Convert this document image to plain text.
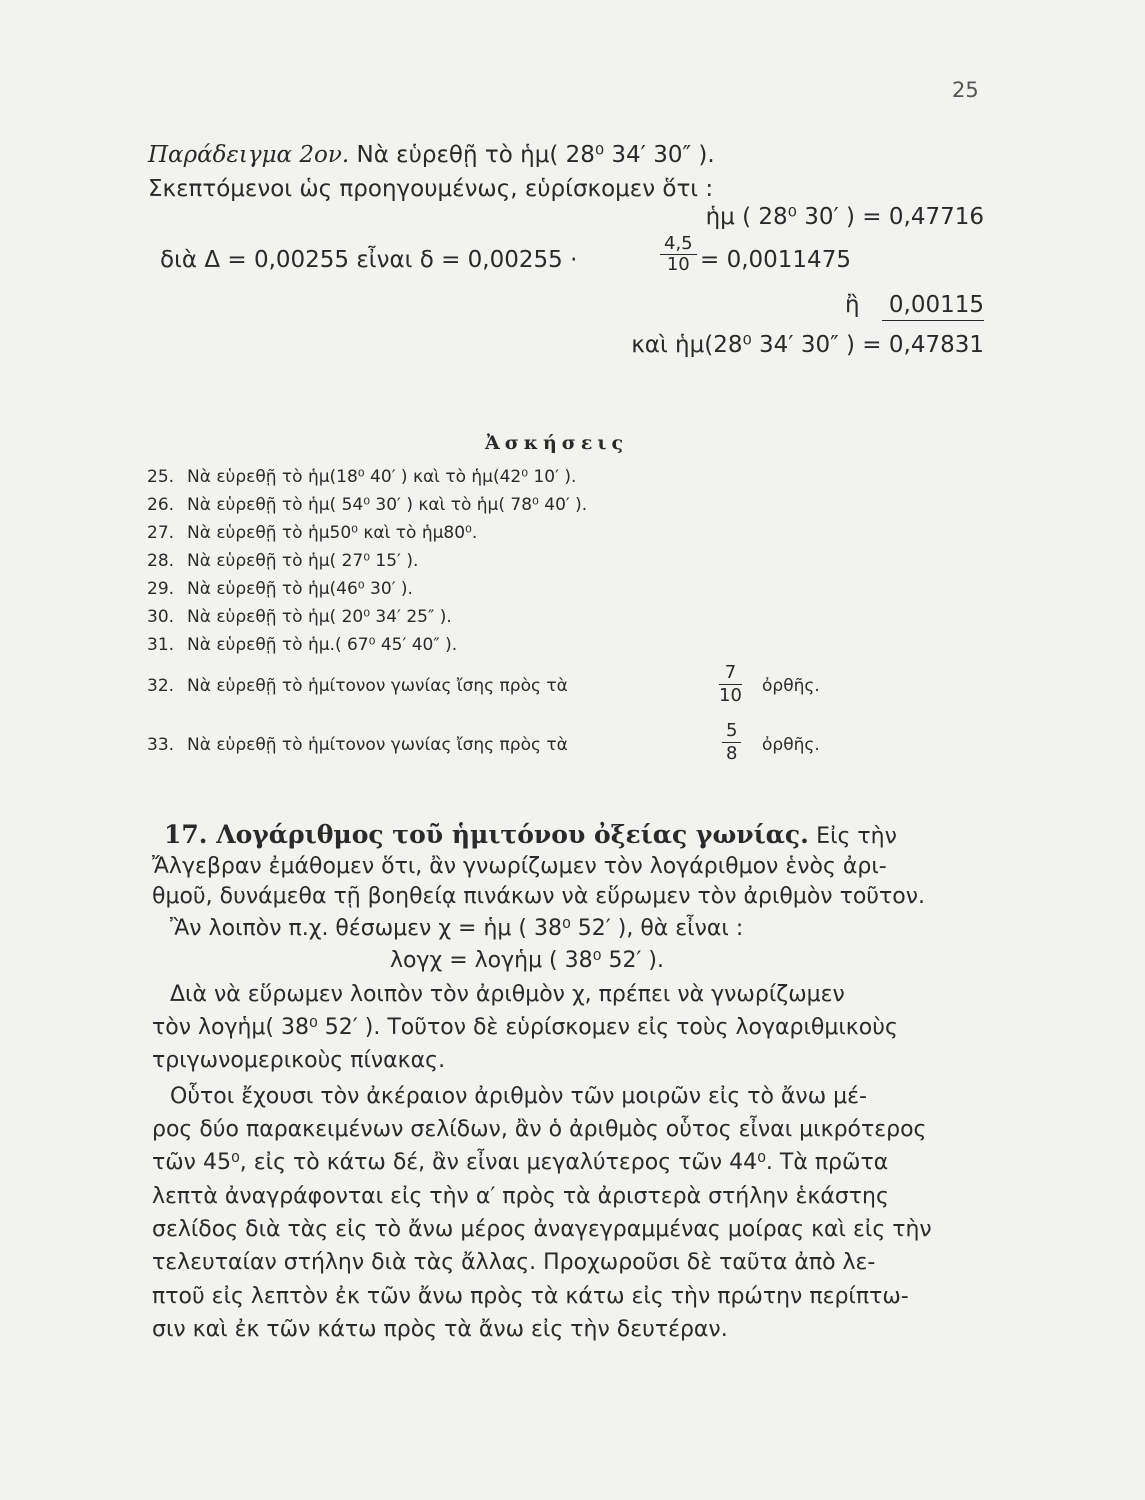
25
Παράδειγμα 2ον. Νὰ εὑρεθῇ τὸ ἡμ( 28⁰ 34′ 30″ ).
Σκεπτόμενοι ὡς προηγουμένως, εὑρίσκομεν ὅτι :
ἡμ ( 28⁰ 30′ ) = 0,47716
διὰ Δ = 0,00255 εἶναι δ = 0,00255 ·	$\frac{4,5}{10} = 0,0011475$
ἢ 0,00115
καὶ ἡμ(28⁰ 34′ 30″ ) = 0,47831
Ἀσκήσεις
25. Νὰ εὑρεθῇ τὸ ἡμ(18⁰ 40′ ) καὶ τὸ ἡμ(42⁰ 10′ ).
26. Νὰ εὑρεθῇ τὸ ἡμ( 54⁰ 30′ ) καὶ τὸ ἡμ( 78⁰ 40′ ).
27. Νὰ εὑρεθῇ τὸ ἡμ50⁰ καὶ τὸ ἡμ80⁰.
28. Νὰ εὑρεθῇ τὸ ἡμ( 27⁰ 15′ ).
29. Νὰ εὑρεθῇ τὸ ἡμ(46⁰ 30′ ).
30. Νὰ εὑρεθῇ τὸ ἡμ( 20⁰ 34′ 25″ ).
31. Νὰ εὑρεθῇ τὸ ἡμ.( 67⁰ 45′ 40″ ).
32. Νὰ εὑρεθῇ τὸ ἡμίτονον γωνίας ἴσης πρὸς τὰ	$\frac{7}{10}$ ὀρθῆς.
33. Νὰ εὑρεθῇ τὸ ἡμίτονον γωνίας ἴσης πρὸς τὰ	$\frac{5}{8}$ ὀρθῆς.
17. Λογάριθμος τοῦ ἡμιτόνου ὀξείας γωνίας. Εἰς τὴν
Ἄλγεβραν ἐμάθομεν ὅτι, ἂν γνωρίζωμεν τὸν λογάριθμον ἑνὸς ἀρι-
θμοῦ, δυνάμεθα τῇ βοηθείᾳ πινάκων νὰ εὕρωμεν τὸν ἀριθμὸν τοῦτον.
Ἂν λοιπὸν π.χ. θέσωμεν χ = ἡμ ( 38⁰ 52′ ), θὰ εἶναι :
λογχ = λογἡμ ( 38⁰ 52′ ).
Διὰ νὰ εὕρωμεν λοιπὸν τὸν ἀριθμὸν χ, πρέπει νὰ γνωρίζωμεν
τὸν λογἡμ( 38⁰ 52′ ). Τοῦτον δὲ εὑρίσκομεν εἰς τοὺς λογαριθμικοὺς
τριγωνομερικοὺς πίνακας.
Οὗτοι ἔχουσι τὸν ἀκέραιον ἀριθμὸν τῶν μοιρῶν εἰς τὸ ἄνω μέ-
ρος δύο παρακειμένων σελίδων, ἂν ὁ ἀριθμὸς οὗτος εἶναι μικρότερος
τῶν 45⁰, εἰς τὸ κάτω δέ, ἂν εἶναι μεγαλύτερος τῶν 44⁰. Τὰ πρῶτα
λεπτὰ ἀναγράφονται εἰς τὴν α′ πρὸς τὰ ἀριστερὰ στήλην ἑκάστης
σελίδος διὰ τὰς εἰς τὸ ἄνω μέρος ἀναγεγραμμένας μοίρας καὶ εἰς τὴν
τελευταίαν στήλην διὰ τὰς ἄλλας. Προχωροῦσι δὲ ταῦτα ἀπὸ λε-
πτοῦ εἰς λεπτὸν ἐκ τῶν ἄνω πρὸς τὰ κάτω εἰς τὴν πρώτην περίπτω-
σιν καὶ ἐκ τῶν κάτω πρὸς τὰ ἄνω εἰς τὴν δευτέραν.
